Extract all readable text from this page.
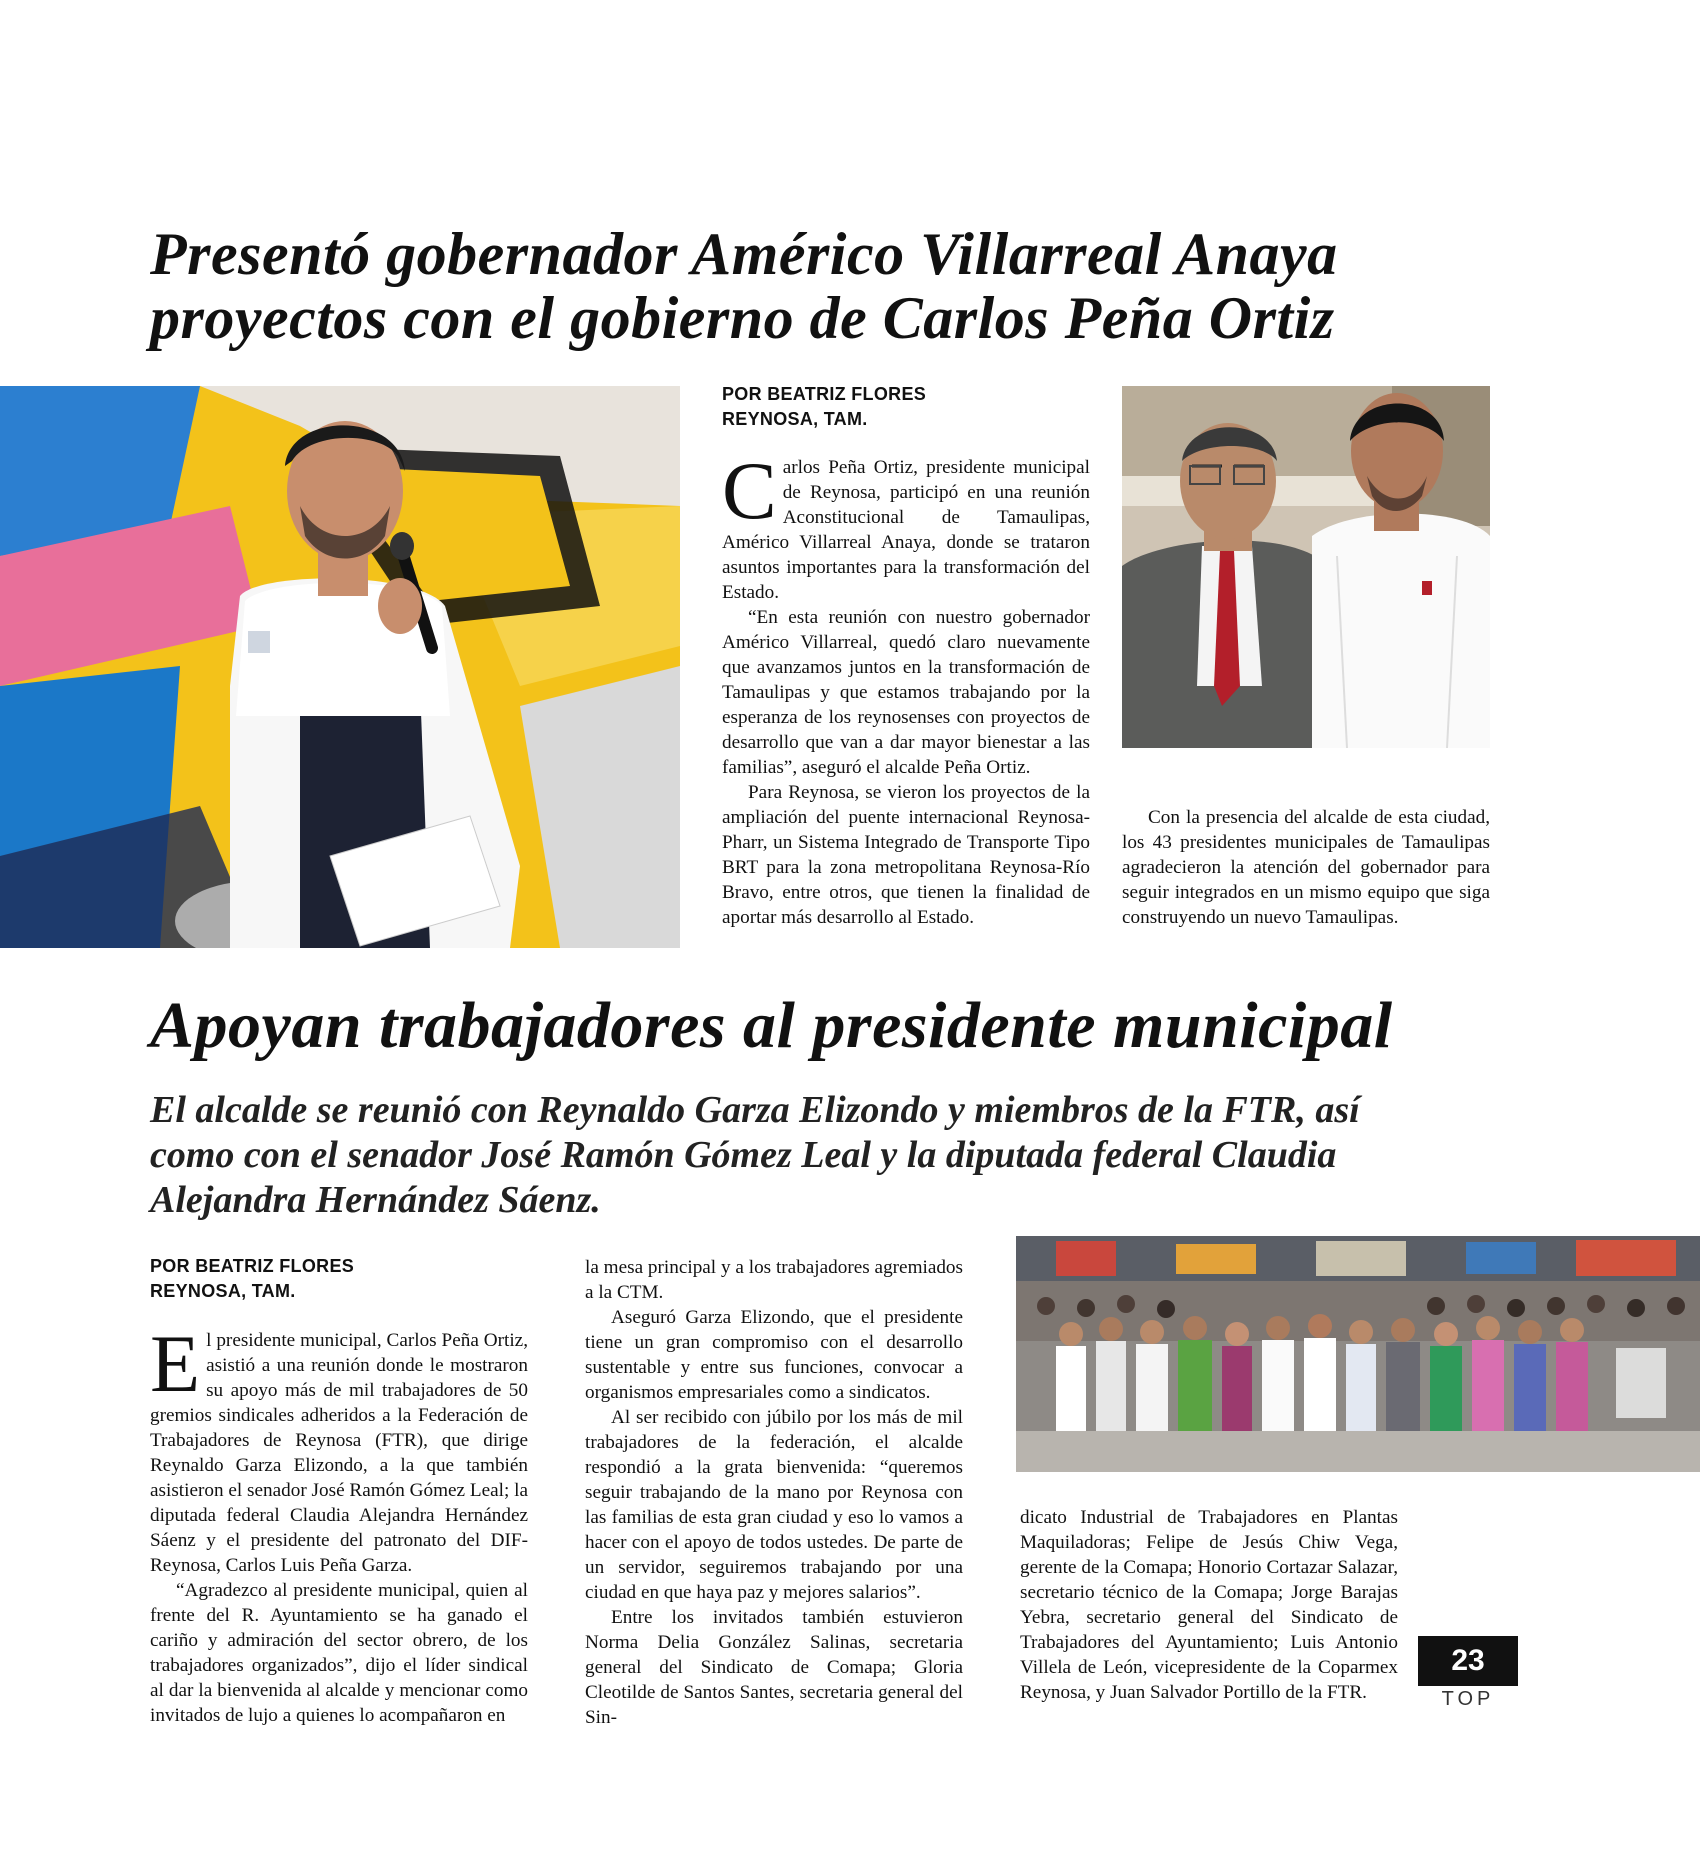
Presentó gobernador Américo Villarreal Anaya
proyectos con el gobierno de Carlos Peña Ortiz
POR BEATRIZ FLORES
REYNOSA, TAM.

Carlos Peña Ortiz, presidente municipal de Reynosa, participó en una reunión Aconstitucional de Tamaulipas, Américo Villarreal Anaya, donde se trataron asuntos importantes para la transformación del Estado.

“En esta reunión con nuestro gobernador Américo Villarreal, quedó claro nuevamente que avanzamos juntos en la transformación de Tamaulipas y que estamos trabajando por la esperanza de los reynosenses con proyectos de desarrollo que van a dar mayor bienestar a las familias”, aseguró el alcalde Peña Ortiz.

Para Reynosa, se vieron los proyectos de la ampliación del puente internacional Reynosa-Pharr, un Sistema Integrado de Transporte Tipo BRT para la zona metropolitana Reynosa-Río Bravo, entre otros, que tienen la finalidad de aportar más desarrollo al Estado.

Con la presencia del alcalde de esta ciudad, los 43 presidentes municipales de Tamaulipas agradecieron la atención del gobernador para seguir integrados en un mismo equipo que siga construyendo un nuevo Tamaulipas.

Apoyan trabajadores al presidente municipal
El alcalde se reunió con Reynaldo Garza Elizondo y miembros de la FTR, así como con el senador José Ramón Gómez Leal y la diputada federal Claudia Alejandra Hernández Sáenz.
POR BEATRIZ FLORES
REYNOSA, TAM.

El presidente municipal, Carlos Peña Ortiz, asistió a una reunión donde le mostraron su apoyo más de mil trabajadores de 50 gremios sindicales adheridos a la Federación de Trabajadores de Reynosa (FTR), que dirige Reynaldo Garza Elizondo, a la que también asistieron el senador José Ramón Gómez Leal; la diputada federal Claudia Alejandra Hernández Sáenz y el presidente del patronato del DIF-Reynosa, Carlos Luis Peña Garza.

“Agradezco al presidente municipal, quien al frente del R. Ayuntamiento se ha ganado el cariño y admiración del sector obrero, de los trabajadores organizados”, dijo el líder sindical al dar la bienvenida al alcalde y mencionar como invitados de lujo a quienes lo acompañaron en

la mesa principal y a los trabajadores agremiados a la CTM.

Aseguró Garza Elizondo, que el presidente tiene un gran compromiso con el desarrollo sustentable y entre sus funciones, convocar a organismos empresariales como a sindicatos.

Al ser recibido con júbilo por los más de mil trabajadores de la federación, el alcalde respondió a la grata bienvenida: “queremos seguir trabajando de la mano por Reynosa con las familias de esta gran ciudad y eso lo vamos a hacer con el apoyo de todos ustedes. De parte de un servidor, seguiremos trabajando por una ciudad en que haya paz y mejores salarios”.

Entre los invitados también estuvieron Norma Delia González Salinas, secretaria general del Sindicato de Comapa; Gloria Cleotilde de Santos Santes, secretaria general del Sin-

dicato Industrial de Trabajadores en Plantas Maquiladoras; Felipe de Jesús Chiw Vega, gerente de la Comapa; Honorio Cortazar Salazar, secretario técnico de la Comapa; Jorge Barajas Yebra, secretario general del Sindicato de Trabajadores del Ayuntamiento; Luis Antonio Villela de León, vicepresidente de la Coparmex Reynosa, y Juan Salvador Portillo de la FTR.

23
TOP
